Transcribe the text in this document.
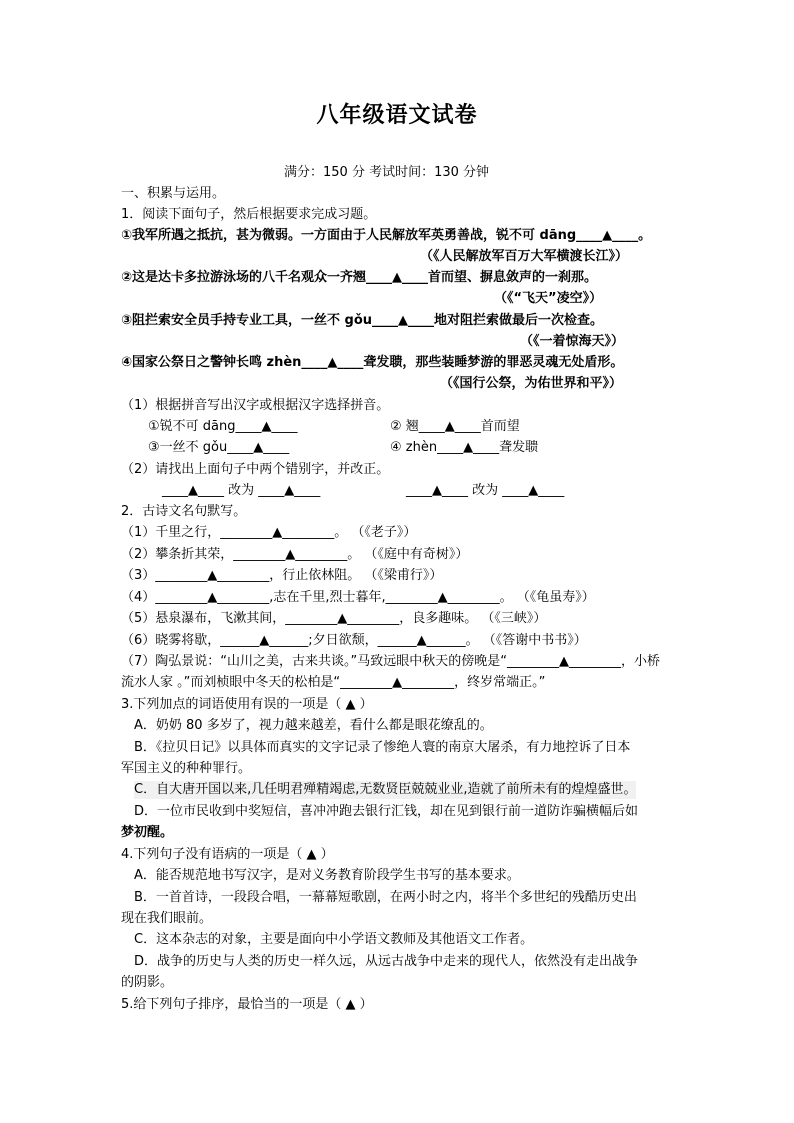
八年级语文试卷
满分：150 分 考试时间：130 分钟
一、积累与运用。
1．阅读下面句子，然后根据要求完成习题。
①我军所遇之抵抗，甚为微弱。一方面由于人民解放军英勇善战，锐不可 dāng____▲____。
（《人民解放军百万大军横渡长江》）
②这是达卡多拉游泳场的八千名观众一齐翘____▲____首而望、摒息敛声的一刹那。
（《“飞天”凌空》）
③阻拦索安全员手持专业工具，一丝不 gǒu____▲____地对阻拦索做最后一次检查。
（《一着惊海天》）
④国家公祭日之警钟长鸣 zhèn____▲____聋发聩，那些装睡梦游的罪恶灵魂无处盾形。
（《国行公祭，为佑世界和平》）
（1）根据拼音写出汉字或根据汉字选择拼音。
①锐不可 dāng____▲____	② 翘____▲____首而望
③一丝不 gǒu____▲____	④ zhèn____▲____聋发聩
（2）请找出上面句子中两个错别字，并改正。
____▲____ 改为 ____▲____	____▲____ 改为 ____▲____
2．古诗文名句默写。
（1）千里之行，________▲________。 （《老子》）
（2）攀条折其荣，________▲________。 （《庭中有奇树》）
（3）________▲________，行止依林阻。 （《梁甫行》）
（4）________▲________,志在千里,烈士暮年,________▲________。 （《龟虽寿》）
（5）悬泉瀑布，飞漱其间，________▲________，良多趣味。 （《三峡》）
（6）晓雾将歇，______▲______;夕日欲颓，______▲______。 （《答谢中书书》）
（7）陶弘景说：“山川之美，古来共谈。”马致远眼中秋天的傍晚是“________▲________，小桥
流水人家 。”而刘桢眼中冬天的松柏是“________▲________，终岁常端正。”
3.下列加点的词语使用有误的一项是（ ▲ ）
A．奶奶 80 多岁了，视力越来越差，看什么都是眼花缭乱的。
B．《拉贝日记》以具体而真实的文字记录了惨绝人寰的南京大屠杀，有力地控诉了日本
军国主义的种种罪行。
C．自大唐开国以来,几任明君殚精竭虑,无数贤臣兢兢业业,造就了前所未有的煌煌盛世。
D．一位市民收到中奖短信，喜冲冲跑去银行汇钱，却在见到银行前一道防诈骗横幅后如
梦初醒。
4.下列句子没有语病的一项是（ ▲ ）
A．能否规范地书写汉字，是对义务教育阶段学生书写的基本要求。
B．一首首诗，一段段合唱，一幕幕短歌剧，在两小时之内，将半个多世纪的残酷历史出
现在我们眼前。
C．这本杂志的对象，主要是面向中小学语文教师及其他语文工作者。
D．战争的历史与人类的历史一样久远，从远古战争中走来的现代人，依然没有走出战争
的阴影。
5.给下列句子排序，最恰当的一项是（ ▲ ）
